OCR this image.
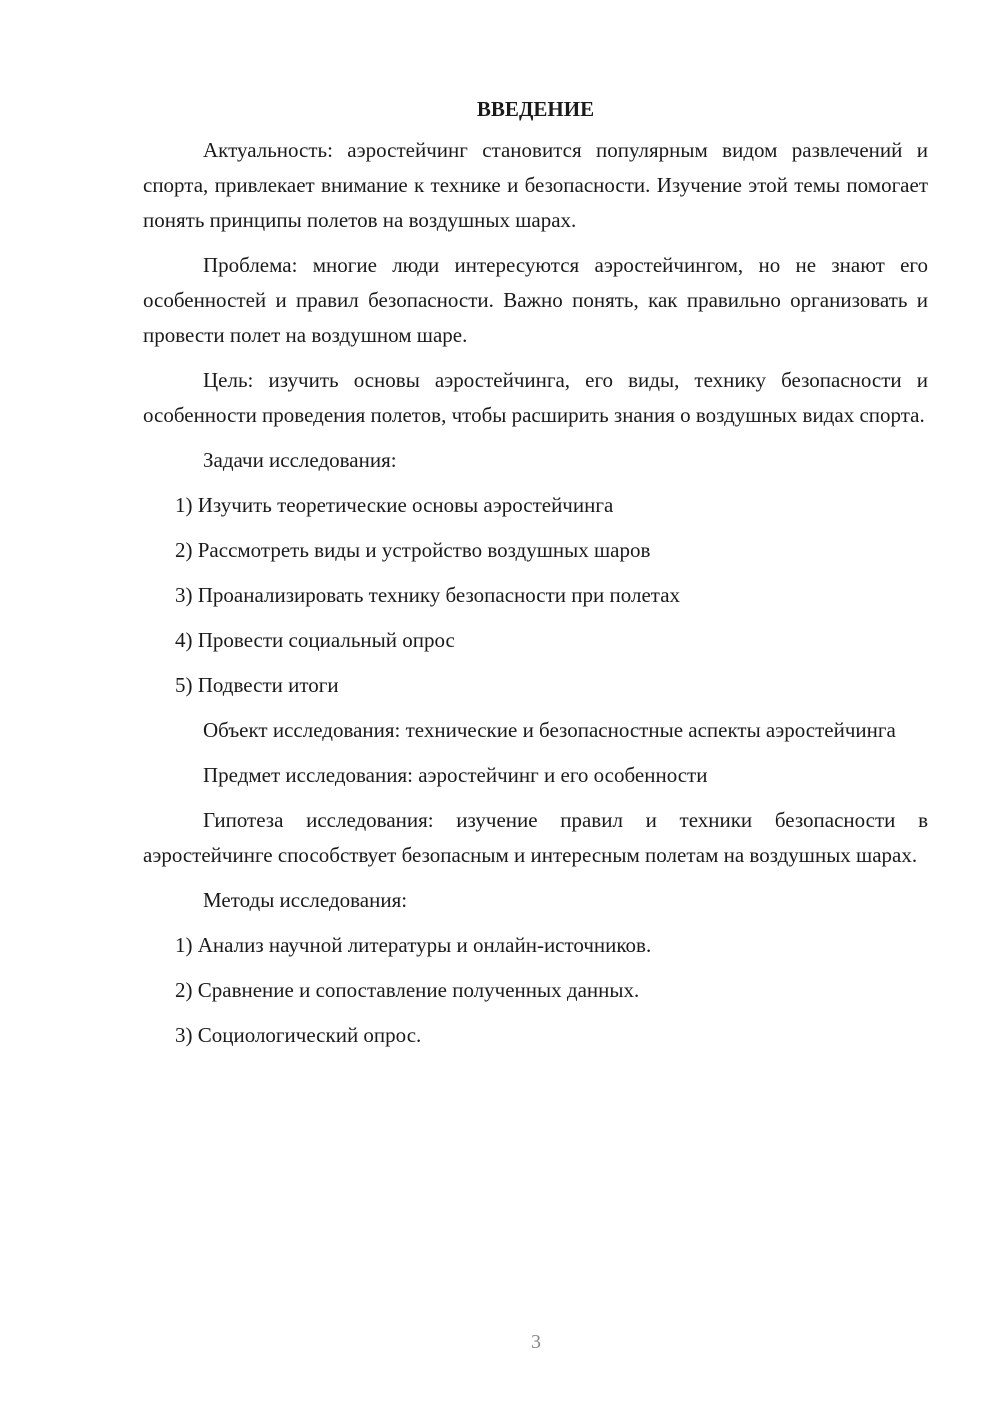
ВВЕДЕНИЕ

Актуальность: аэростейчинг становится популярным видом развлечений и спорта, привлекает внимание к технике и безопасности. Изучение этой темы помогает понять принципы полетов на воздушных шарах.

Проблема: многие люди интересуются аэростейчингом, но не знают его особенностей и правил безопасности. Важно понять, как правильно организовать и провести полет на воздушном шаре.

Цель: изучить основы аэростейчинга, его виды, технику безопасности и особенности проведения полетов, чтобы расширить знания о воздушных видах спорта.

Задачи исследования:

1) Изучить теоретические основы аэростейчинга
2) Рассмотреть виды и устройство воздушных шаров
3) Проанализировать технику безопасности при полетах
4) Провести социальный опрос
5) Подвести итоги

Объект исследования: технические и безопасностные аспекты аэростейчинга

Предмет исследования: аэростейчинг и его особенности

Гипотеза исследования: изучение правил и техники безопасности в аэростейчинге способствует безопасным и интересным полетам на воздушных шарах.

Методы исследования:

1) Анализ научной литературы и онлайн-источников.
2) Сравнение и сопоставление полученных данных.
3) Социологический опрос.
3
